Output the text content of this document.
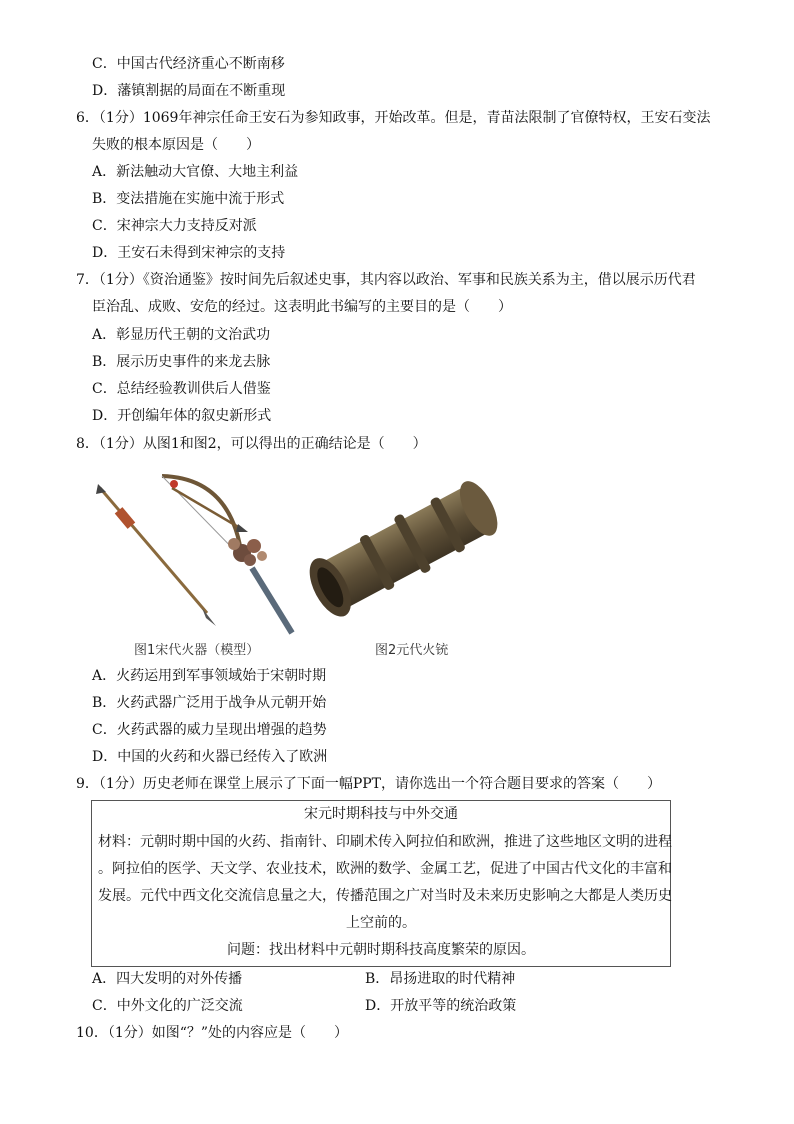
C．中国古代经济重心不断南移
D．藩镇割据的局面在不断重现
6．（1分）1069年神宗任命王安石为参知政事，开始改革。但是，青苗法限制了官僚特权，王安石变法
失败的根本原因是（　　）
A．新法触动大官僚、大地主利益
B．变法措施在实施中流于形式
C．宋神宗大力支持反对派
D．王安石未得到宋神宗的支持
7．（1分）《资治通鉴》按时间先后叙述史事，其内容以政治、军事和民族关系为主，借以展示历代君
臣治乱、成败、安危的经过。这表明此书编写的主要目的是（　　）
A．彰显历代王朝的文治武功
B．展示历史事件的来龙去脉
C．总结经验教训供后人借鉴
D．开创编年体的叙史新形式
8．（1分）从图1和图2，可以得出的正确结论是（　　）
图1宋代火器（模型）	图2元代火铳
A．火药运用到军事领域始于宋朝时期
B．火药武器广泛用于战争从元朝开始
C．火药武器的威力呈现出增强的趋势
D．中国的火药和火器已经传入了欧洲
9．（1分）历史老师在课堂上展示了下面一幅PPT，请你选出一个符合题目要求的答案（　　）
宋元时期科技与中外交通
材料：元朝时期中国的火药、指南针、印刷术传入阿拉伯和欧洲，推进了这些地区文明的进程
。阿拉伯的医学、天文学、农业技术，欧洲的数学、金属工艺，促进了中国古代文化的丰富和
发展。元代中西文化交流信息量之大，传播范围之广对当时及未来历史影响之大都是人类历史
上空前的。
问题：找出材料中元朝时期科技高度繁荣的原因。
A．四大发明的对外传播	B．昂扬进取的时代精神
C．中外文化的广泛交流	D．开放平等的统治政策
10．（1分）如图“？”处的内容应是（　　）
